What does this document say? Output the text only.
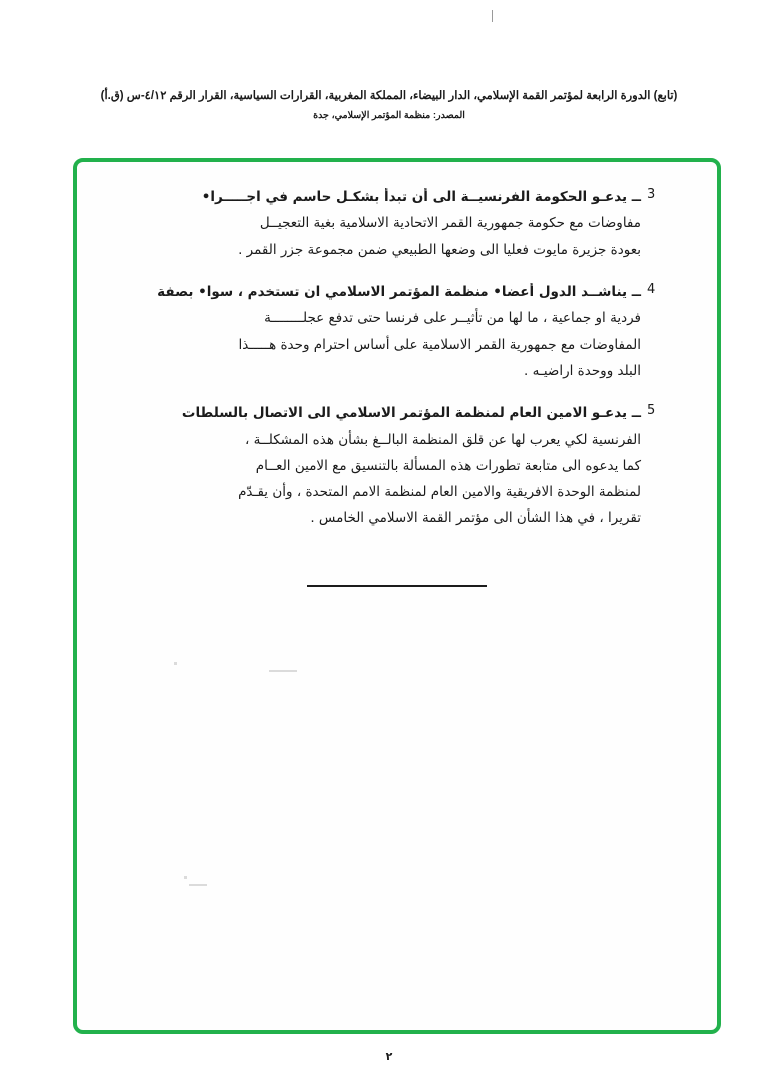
(تابع) الدورة الرابعة لمؤتمر القمة الإسلامي، الدار البيضاء، المملكة المغربية، القرارات السياسية، القرار الرقم ٤/١٢-س (ق.أ)
المصدر: منظمة المؤتمر الإسلامي، جدة
3
ــ يدعـو الحكومة الفرنسيــة الى أن تبدأ بشكـل حاسم في اجـــــرا•
مفاوضات مع حكومة جمهورية القمر الاتحادية الاسلامية بغية التعجيــل
بعودة جزيرة مايوت فعليا الى وضعها الطبيعي ضمن مجموعة جزر القمر .
4
ــ يناشــد الدول أعضا• منظمة المؤتمر الاسلامي ان تستخدم ، سوا• بصفة
فردية او جماعية ، ما لها من تأثيــر على فرنسا حتى تدفع عجلــــــــة
المفاوضات مع جمهورية القمر الاسلامية على أساس احترام وحدة هـــــذا
البلد ووحدة اراضيـه .
5
ــ يدعـو الامين العام لمنظمة المؤتمر الاسلامي الى الاتصال بالسلطات
الفرنسية لكي يعرب لها عن قلق المنظمة البالــغ بشأن هذه المشكلــة ،
كما يدعوه الى متابعة تطورات هذه المسألة بالتنسيق مع الامين العــام
لمنظمة الوحدة الافريقية والامين العام لمنظمة الامم المتحدة ، وأن يقـدّم
تقريرا ، في هذا الشأن الى مؤتمر القمة الاسلامي الخامس .
٢
